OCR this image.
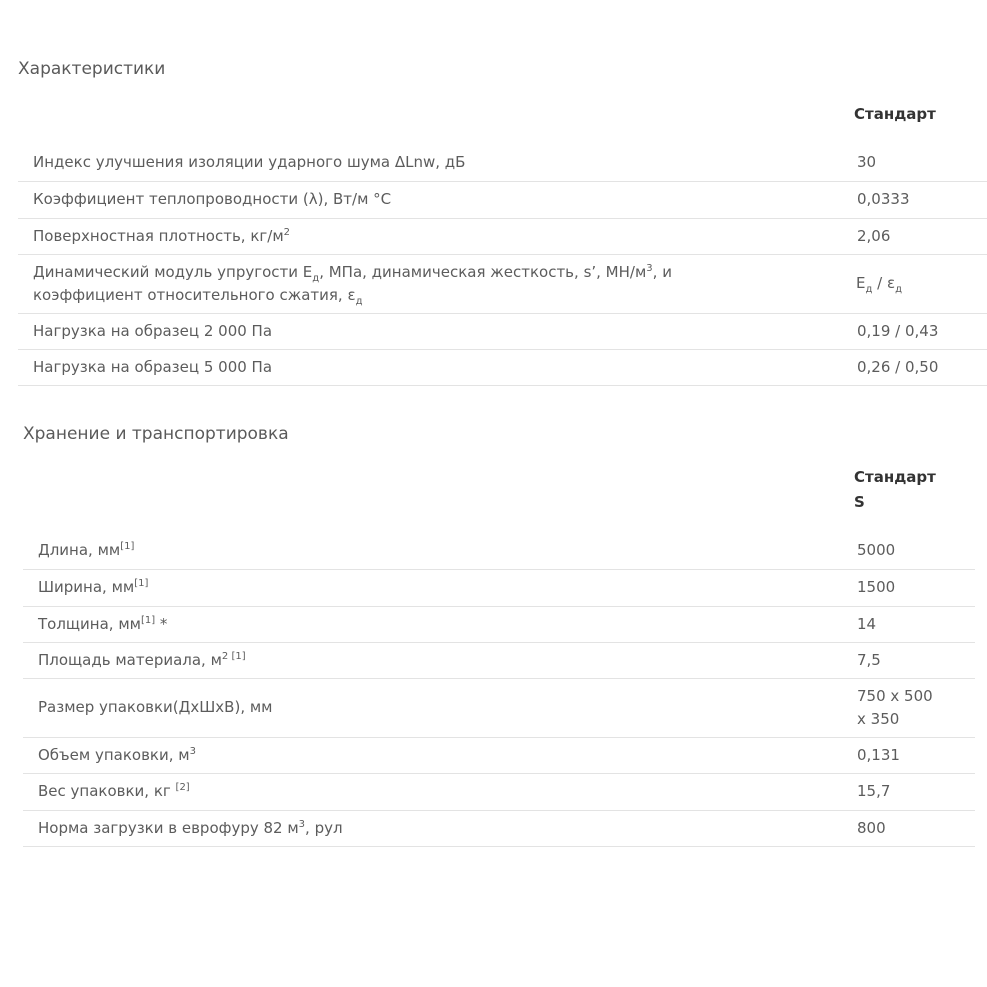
Характеристики
	Стандарт
Индекс улучшения изоляции ударного шума ΔLnw, дБ	30
Коэффициент теплопроводности (λ), Вт/м °С	0,0333
Поверхностная плотность, $кг/м^2$	2,06
Динамический модуль упругости $E_д$, МПа, динамическая жесткость, s’, $МН/м^3$, и
коэффициент относительного сжатия, $\varepsilon_д$	$E_д / \varepsilon_д$
Нагрузка на образец 2 000 Па	0,19 / 0,43
Нагрузка на образец 5 000 Па	0,26 / 0,50
Хранение и транспортировка
	Стандарт
S
Длина, мм[1]	5000
Ширина, мм[1]	1500
Толщина, мм[1] *	14
Площадь материала, $м^{2 [1]}$	7,5
Размер упаковки(ДхШхВ), мм	750 x 500
x 350
Объем упаковки, $м^3$	0,131
Вес упаковки, кг [2]	15,7
Норма загрузки в еврофуру 82 $м^3$, рул	800
